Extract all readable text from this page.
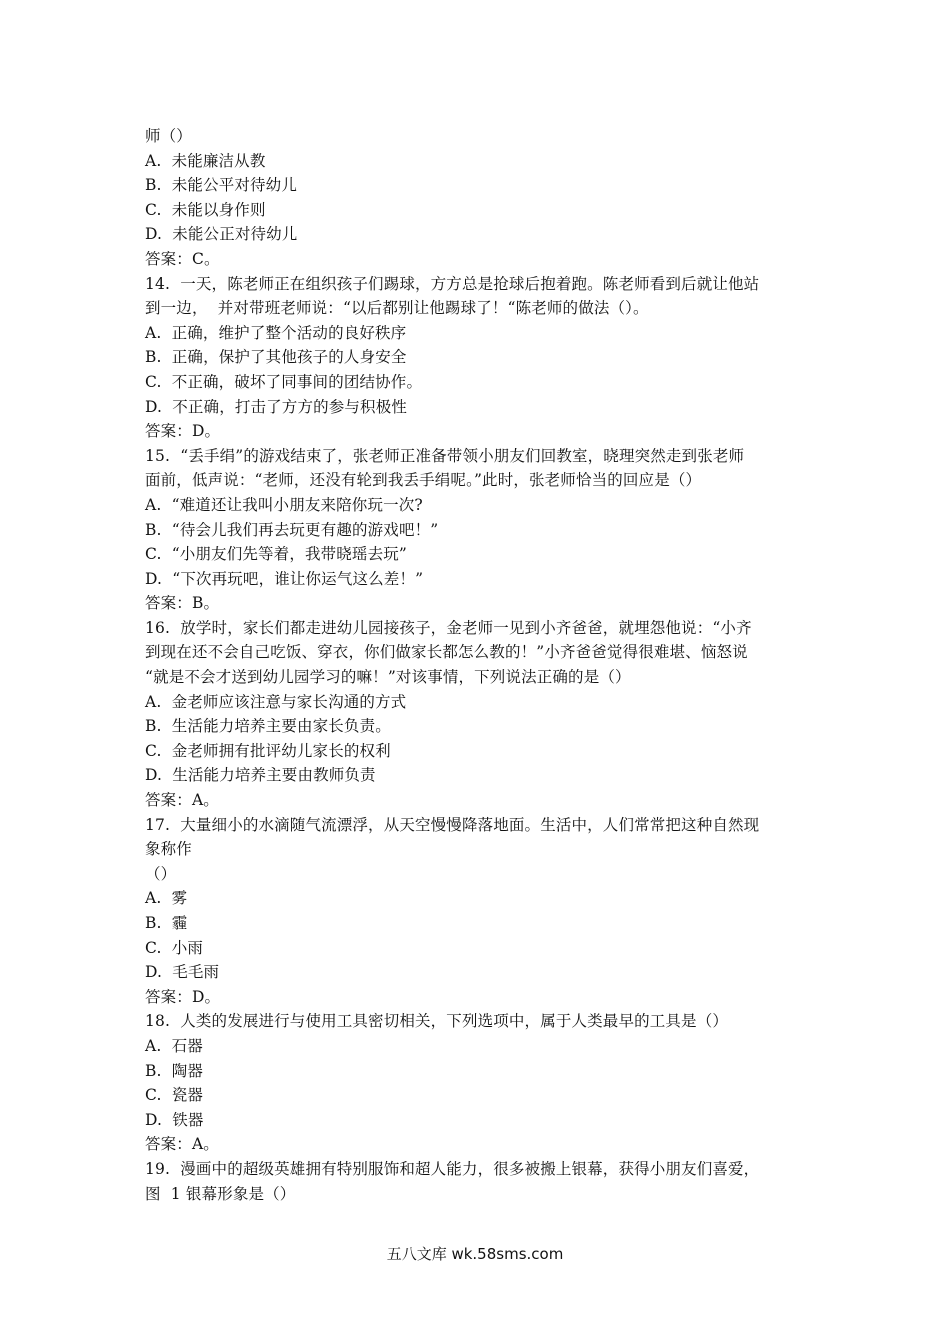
师（）
A.  未能廉洁从教
B.  未能公平对待幼儿
C.  未能以身作则
D.  未能公正对待幼儿
答案：C。
14.  一天，陈老师正在组织孩子们踢球，方方总是抢球后抱着跑。陈老师看到后就让他站
到一边，  并对带班老师说：“以后都别让他踢球了！“陈老师的做法（）。
A.  正确，维护了整个活动的良好秩序
B.  正确，保护了其他孩子的人身安全
C.  不正确，破坏了同事间的团结协作。
D.  不正确，打击了方方的参与积极性
答案：D。
15.  “丢手绢”的游戏结束了，张老师正准备带领小朋友们回教室，晓理突然走到张老师
面前，低声说：“老师，还没有轮到我丢手绢呢。”此时，张老师恰当的回应是（）
A.  “难道还让我叫小朋友来陪你玩一次?
B.  “待会儿我们再去玩更有趣的游戏吧！”
C.  “小朋友们先等着，我带晓瑶去玩”
D.  “下次再玩吧，谁让你运气这么差！”
答案：B。
16.  放学时，家长们都走进幼儿园接孩子，金老师一见到小齐爸爸，就埋怨他说：“小齐
到现在还不会自己吃饭、穿衣，你们做家长都怎么教的！”小齐爸爸觉得很难堪、恼怒说
“就是不会才送到幼儿园学习的嘛！”对该事情，下列说法正确的是（）
A.  金老师应该注意与家长沟通的方式
B.  生活能力培养主要由家长负责。
C.  金老师拥有批评幼儿家长的权利
D.  生活能力培养主要由教师负责
答案：A。
17.  大量细小的水滴随气流漂浮，从天空慢慢降落地面。生活中，人们常常把这种自然现
象称作
（）
A.  雾
B.  霾
C.  小雨
D.  毛毛雨
答案：D。
18.  人类的发展进行与使用工具密切相关，下列选项中，属于人类最早的工具是（）
A.  石器
B.  陶器
C.  瓷器
D.  铁器
答案：A。
19.  漫画中的超级英雄拥有特别服饰和超人能力，很多被搬上银幕，获得小朋友们喜爱，
图  1 银幕形象是（）
五八文库 wk.58sms.com
